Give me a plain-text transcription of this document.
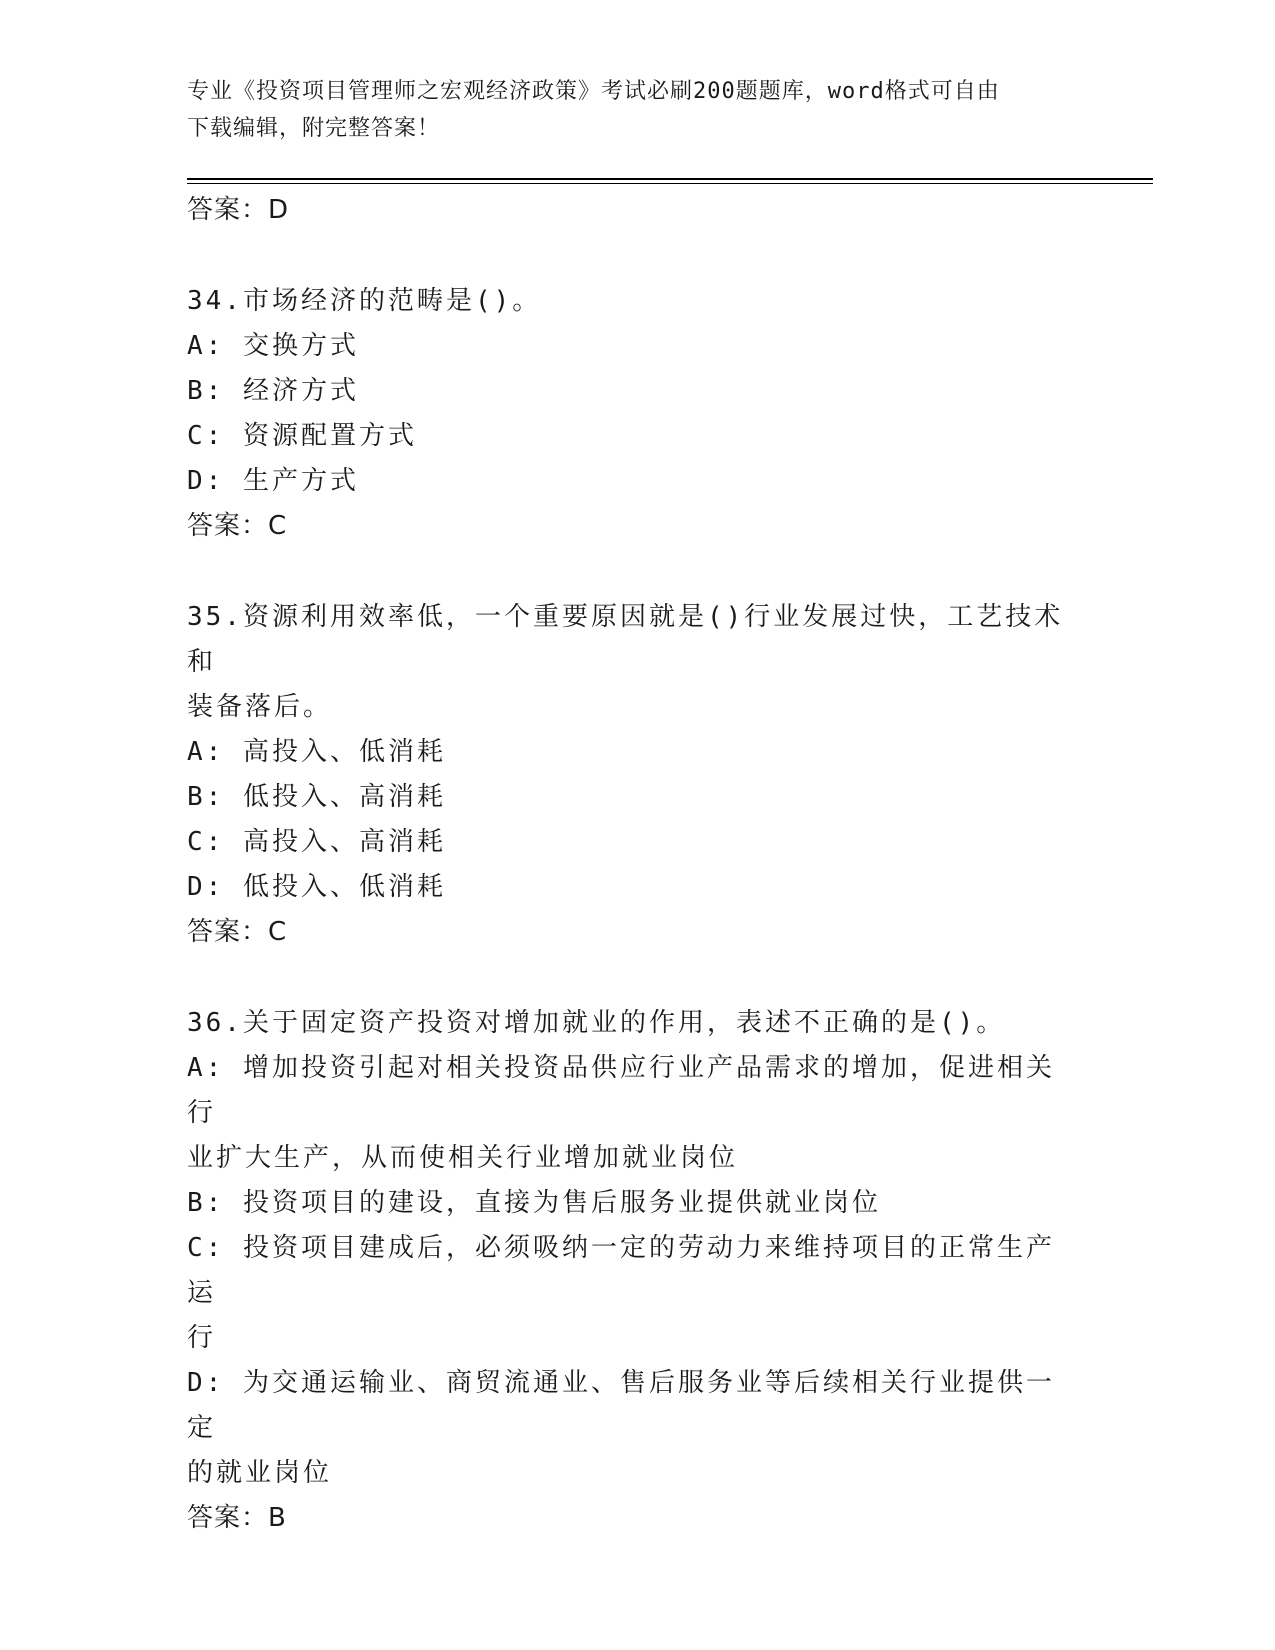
专业《投资项目管理师之宏观经济政策》考试必刷200题题库，word格式可自由
下载编辑，附完整答案！
答案：D
34.市场经济的范畴是()。
A: 交换方式
B: 经济方式
C: 资源配置方式
D: 生产方式
答案：C
35.资源利用效率低，一个重要原因就是()行业发展过快，工艺技术和
装备落后。
A: 高投入、低消耗
B: 低投入、高消耗
C: 高投入、高消耗
D: 低投入、低消耗
答案：C
36.关于固定资产投资对增加就业的作用，表述不正确的是()。
A: 增加投资引起对相关投资品供应行业产品需求的增加，促进相关行
业扩大生产，从而使相关行业增加就业岗位
B: 投资项目的建设，直接为售后服务业提供就业岗位
C: 投资项目建成后，必须吸纳一定的劳动力来维持项目的正常生产运
行
D: 为交通运输业、商贸流通业、售后服务业等后续相关行业提供一定
的就业岗位
答案：B
